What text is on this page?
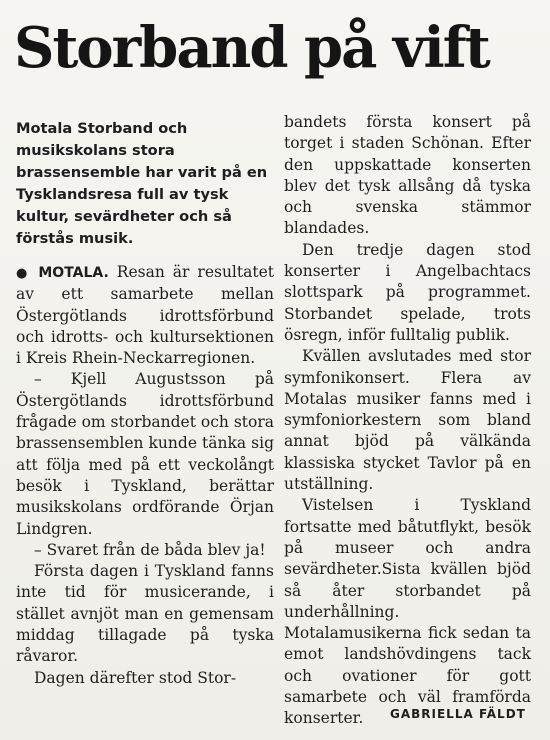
Storband på vift

Motala Storband och musikskolans stora brassensemble har varit på en Tysklandsresa full av tysk kultur, sevärdheter och så förstås musik.

● MOTALA. Resan är resultatet av ett samarbete mellan Östergötlands idrottsförbund och idrotts- och kultursektionen i Kreis Rhein-Neckarregionen.

– Kjell Augustsson på Östergötlands idrottsförbund frågade om storbandet och stora brassensemblen kunde tänka sig att följa med på ett veckolångt besök i Tyskland, berättar musikskolans ordförande Örjan Lindgren.

– Svaret från de båda blev ja!

Första dagen i Tyskland fanns inte tid för musicerande, i stället avnjöt man en gemensam middag tillagade på tyska råvaror.

Dagen därefter stod Stor-

bandets första konsert på torget i staden Schönan. Efter den uppskattade konserten blev det tysk allsång då tyska och svenska stämmor blandades.

Den tredje dagen stod konserter i Angelbachtacs slottspark på programmet. Storbandet spelade, trots ösregn, inför fulltalig publik.

Kvällen avslutades med stor symfonikonsert. Flera av Motalas musiker fanns med i symfoniorkestern som bland annat bjöd på välkända klassiska stycket Tavlor på en utställning.

Vistelsen i Tyskland fortsatte med båtutflykt, besök på museer och andra sevärdheter.Sista kvällen bjöd så åter storbandet på underhållning. Motalamusikerna fick sedan ta emot landshövdingens tack och ovationer för gott samarbete och väl framförda konserter.	GABRIELLA FÄLDT
